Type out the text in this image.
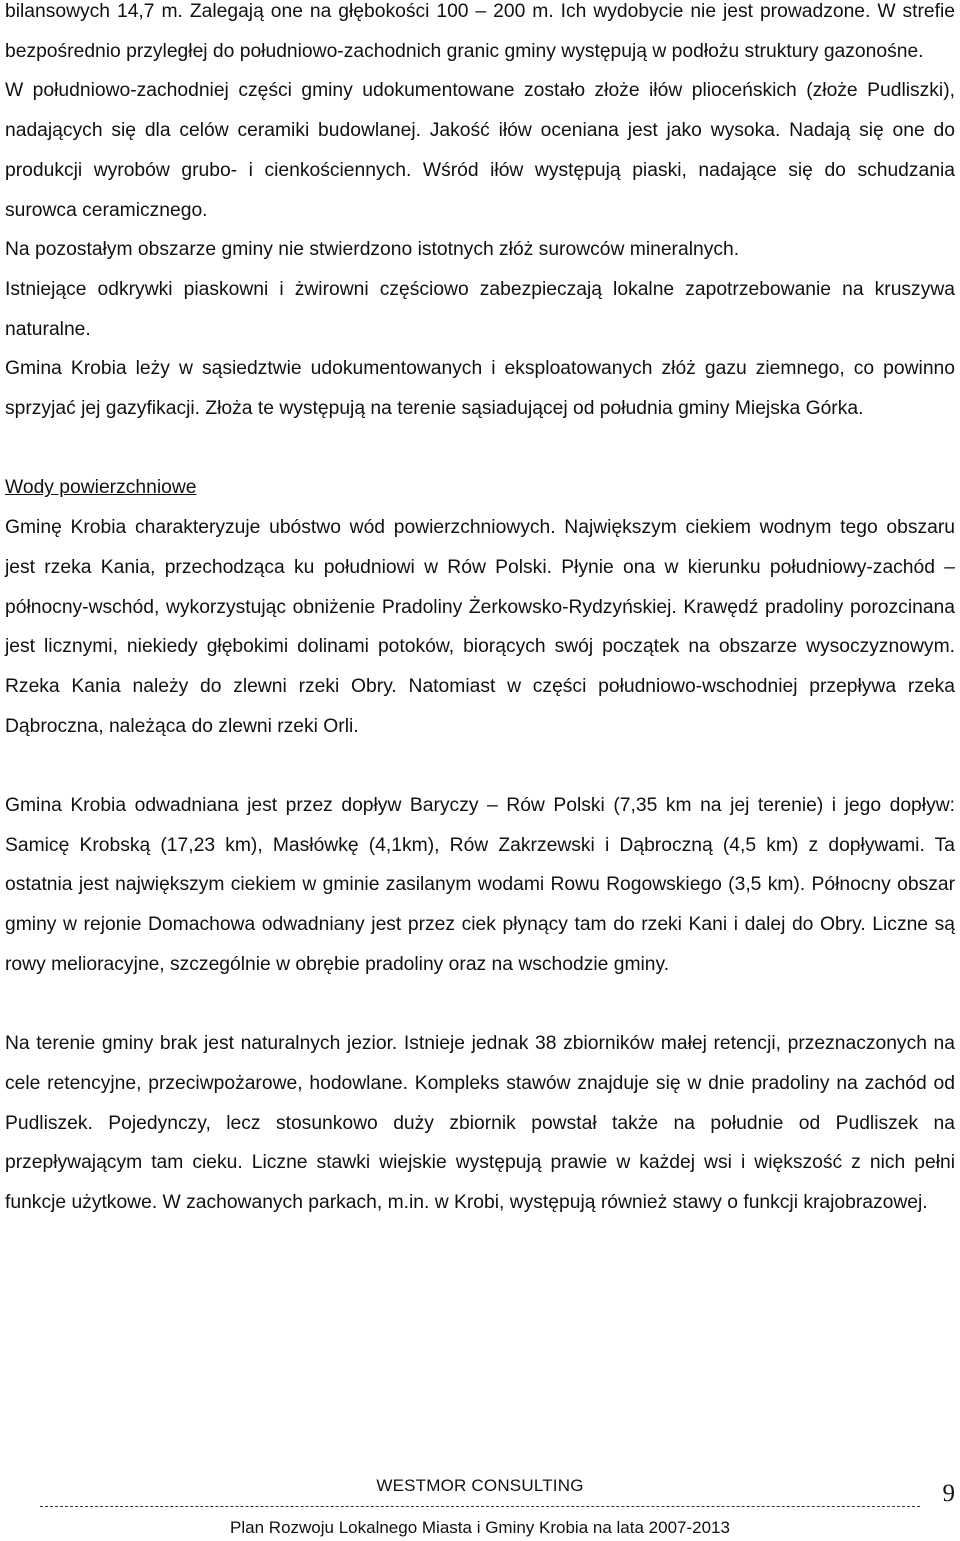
bilansowych 14,7 m. Zalegają one na głębokości 100 – 200 m. Ich wydobycie nie jest prowadzone. W strefie bezpośrednio przyległej do południowo-zachodnich granic gminy występują w podłożu struktury gazonośne.

W południowo-zachodniej części gminy udokumentowane zostało złoże iłów plioceńskich (złoże Pudliszki), nadających się dla celów ceramiki budowlanej. Jakość iłów oceniana jest jako wysoka. Nadają się one do produkcji wyrobów grubo- i cienkościennych. Wśród iłów występują piaski, nadające się do schudzania surowca ceramicznego.

Na pozostałym obszarze gminy nie stwierdzono istotnych złóż surowców mineralnych.

Istniejące odkrywki piaskowni i żwirowni częściowo zabezpieczają lokalne zapotrzebowanie na kruszywa naturalne.

Gmina Krobia leży w sąsiedztwie udokumentowanych i eksploatowanych złóż gazu ziemnego, co powinno sprzyjać jej gazyfikacji. Złoża te występują na terenie sąsiadującej od południa gminy Miejska Górka.

Wody powierzchniowe

Gminę Krobia charakteryzuje ubóstwo wód powierzchniowych. Największym ciekiem wodnym tego obszaru jest rzeka Kania, przechodząca ku południowi w Rów Polski. Płynie ona w kierunku południowy-zachód – północny-wschód, wykorzystując obniżenie Pradoliny Żerkowsko-Rydzyńskiej. Krawędź pradoliny porozcinana jest licznymi, niekiedy głębokimi dolinami potoków, biorących swój początek na obszarze wysoczyznowym. Rzeka Kania należy do zlewni rzeki Obry. Natomiast w części południowo-wschodniej przepływa rzeka Dąbroczna, należąca do zlewni rzeki Orli.

Gmina Krobia odwadniana jest przez dopływ Baryczy – Rów Polski (7,35 km na jej terenie) i jego dopływ: Samicę Krobską (17,23 km), Masłówkę (4,1km), Rów Zakrzewski i Dąbroczną (4,5 km) z dopływami. Ta ostatnia jest największym ciekiem w gminie zasilanym wodami Rowu Rogowskiego (3,5 km). Północny obszar gminy w rejonie Domachowa odwadniany jest przez ciek płynący tam do rzeki Kani i dalej do Obry. Liczne są rowy melioracyjne, szczególnie w obrębie pradoliny oraz na wschodzie gminy.

Na terenie gminy brak jest naturalnych jezior. Istnieje jednak 38 zbiorników małej retencji, przeznaczonych na cele retencyjne, przeciwpożarowe, hodowlane. Kompleks stawów znajduje się w dnie pradoliny na zachód od Pudliszek. Pojedynczy, lecz stosunkowo duży zbiornik powstał także na południe od Pudliszek na przepływającym tam cieku. Liczne stawki wiejskie występują prawie w każdej wsi i większość z nich pełni funkcje użytkowe. W zachowanych parkach, m.in. w Krobi, występują również stawy o funkcji krajobrazowej.

WESTMOR CONSULTING	9
Plan Rozwoju Lokalnego Miasta i Gminy Krobia na lata 2007-2013
